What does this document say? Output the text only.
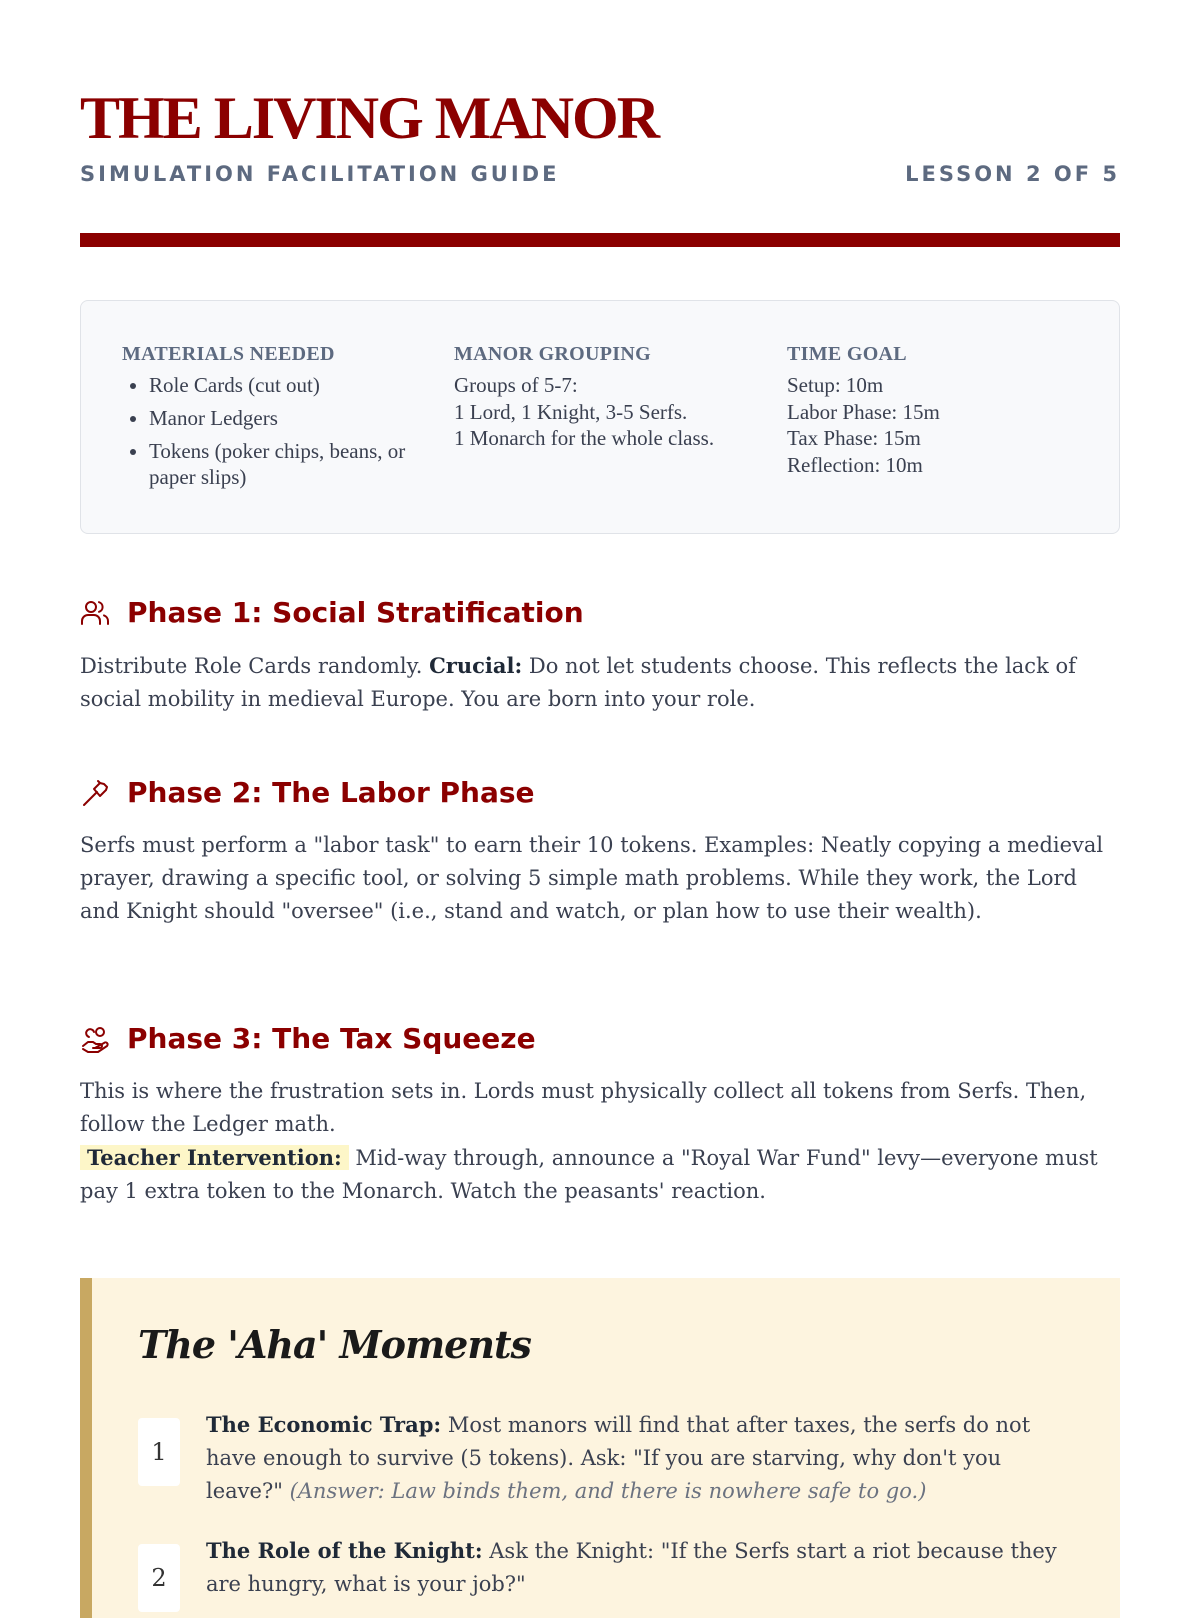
THE LIVING MANOR
SIMULATION FACILITATION GUIDE	LESSON 2 OF 5
MATERIALS NEEDED
• Role Cards (cut out)
• Manor Ledgers
• Tokens (poker chips, beans, or paper slips)
MANOR GROUPING
Groups of 5-7:
1 Lord, 1 Knight, 3-5 Serfs.
1 Monarch for the whole class.
TIME GOAL
Setup: 10m
Labor Phase: 15m
Tax Phase: 15m
Reflection: 10m
Phase 1: Social Stratification

Distribute Role Cards randomly. Crucial: Do not let students choose. This reflects the lack of social mobility in medieval Europe. You are born into your role.

Phase 2: The Labor Phase

Serfs must perform a "labor task" to earn their 10 tokens. Examples: Neatly copying a medieval prayer, drawing a specific tool, or solving 5 simple math problems. While they work, the Lord and Knight should "oversee" (i.e., stand and watch, or plan how to use their wealth).

Phase 3: The Tax Squeeze

This is where the frustration sets in. Lords must physically collect all tokens from Serfs. Then, follow the Ledger math.
Teacher Intervention: Mid-way through, announce a "Royal War Fund" levy—everyone must pay 1 extra token to the Monarch. Watch the peasants' reaction.

The 'Aha' Moments
1

The Economic Trap: Most manors will find that after taxes, the serfs do not have enough to survive (5 tokens). Ask: "If you are starving, why don't you leave?" (Answer: Law binds them, and there is nowhere safe to go.)

2

The Role of the Knight: Ask the Knight: "If the Serfs start a riot because they are hungry, what is your job?"
